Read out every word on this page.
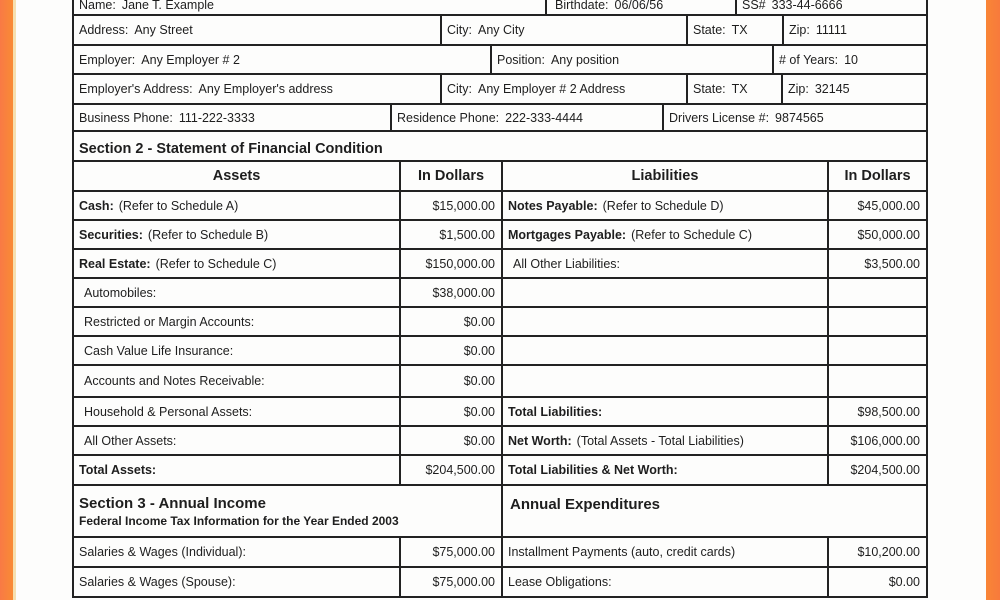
Name: Jane T. Example	Birthdate: 06/06/56	SS# 333-44-6666
Address: Any Street	City: Any City	State: TX	Zip: 11111
Employer: Any Employer # 2	Position: Any position	# of Years: 10
Employer's Address: Any Employer's address	City: Any Employer # 2 Address	State: TX	Zip: 32145
Business Phone: 111-222-3333	Residence Phone: 222-333-4444	Drivers License #: 9874565
Section 2 - Statement of Financial Condition
Assets	In Dollars	Liabilities	In Dollars
Cash: (Refer to Schedule A)	$15,000.00 Notes Payable: (Refer to Schedule D)	$45,000.00
Securities: (Refer to Schedule B)	$1,500.00 Mortgages Payable: (Refer to Schedule C)	$50,000.00
Real Estate: (Refer to Schedule C)	$150,000.00 All Other Liabilities:	$3,500.00
Automobiles:	$38,000.00
Restricted or Margin Accounts:	$0.00
Cash Value Life Insurance:	$0.00
Accounts and Notes Receivable:	$0.00
Household & Personal Assets:	$0.00 Total Liabilities:	$98,500.00
All Other Assets:	$0.00 Net Worth: (Total Assets - Total Liabilities)	$106,000.00
Total Assets:	$204,500.00 Total Liabilities & Net Worth:	$204,500.00
Section 3 - Annual Income
Federal Income Tax Information for the Year Ended 2003
Annual Expenditures
Salaries & Wages (Individual):	$75,000.00 Installment Payments (auto, credit cards)	$10,200.00
Salaries & Wages (Spouse):	$75,000.00 Lease Obligations:	$0.00
